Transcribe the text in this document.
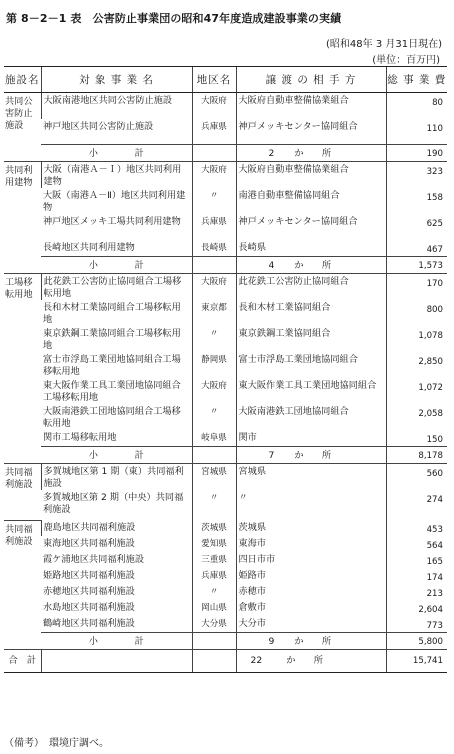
第 8－2－1 表　公害防止事業団の昭和47年度造成建設事業の実績
(昭和48年 3 月31日現在)
(単位：百万円)
施設名	対 象 事 業 名	地区名	譲 渡 の 相 手 方	総 事 業 費
共同公害防止施設	大阪南港地区共同公害防止施設	大阪府	大阪府自動車整備協業組合	80
	神戸地区共同公害防止施設	兵庫県	神戸メッキセンター協同組合	110
	小　　　　計		2 か　　所	190
共同利用建物	大阪（南港Ａ－Ｉ）地区共同利用建物	大阪府	大阪府自動車整備協業組合	323
	大阪（南港Ａ－Ⅱ）地区共同利用建物	〃	南港自動車整備協同組合	158
	神戸地区メッキ工場共同利用建物	兵庫県	神戸メッキセンター協同組合	625
	長崎地区共同利用建物	長崎県	長崎県	467
	小　　　　計		4 か　　所	1,573
工場移転用地	此花鉄工公害防止協同組合工場移転用地	大阪府	此花鉄工公害防止協同組合	170
	長和木材工業協同組合工場移転用地	東京都	長和木材工業協同組合	800
	東京鉄鋼工業協同組合工場移転用地	〃	東京鉄鋼工業協同組合	1,078
	富士市浮島工業団地協同組合工場移転用地	静岡県	富士市浮島工業団地協同組合	2,850
	東大阪作業工具工業団地協同組合工場移転用地	大阪府	東大阪作業工具工業団地協同組合	1,072
	大阪南港鉄工団地協同組合工場移転用地	〃	大阪南港鉄工団地協同組合	2,058
	関市工場移転用地	岐阜県	関市	150
	小　　　　計		7 か　　所	8,178
共同福利施設	多賀城地区第 1 期（東）共同福利施設	宮城県	宮城県	560
	多賀城地区第 2 期（中央）共同福利施設	〃	〃	274
共同福利施設	鹿島地区共同福利施設	茨城県	茨城県	453
	東海地区共同福利施設	愛知県	東海市	564
	霞ケ浦地区共同福利施設	三重県	四日市市	165
	姫路地区共同福利施設	兵庫県	姫路市	174
	赤穂地区共同福利施設	〃	赤穂市	213
	水島地区共同福利施設	岡山県	倉敷市	2,604
	鶴崎地区共同福利施設	大分県	大分市	773
	小　　　　計		9 か　　所	5,800
合　計			22 か　　所	15,741
（備考）　環境庁調べ。
